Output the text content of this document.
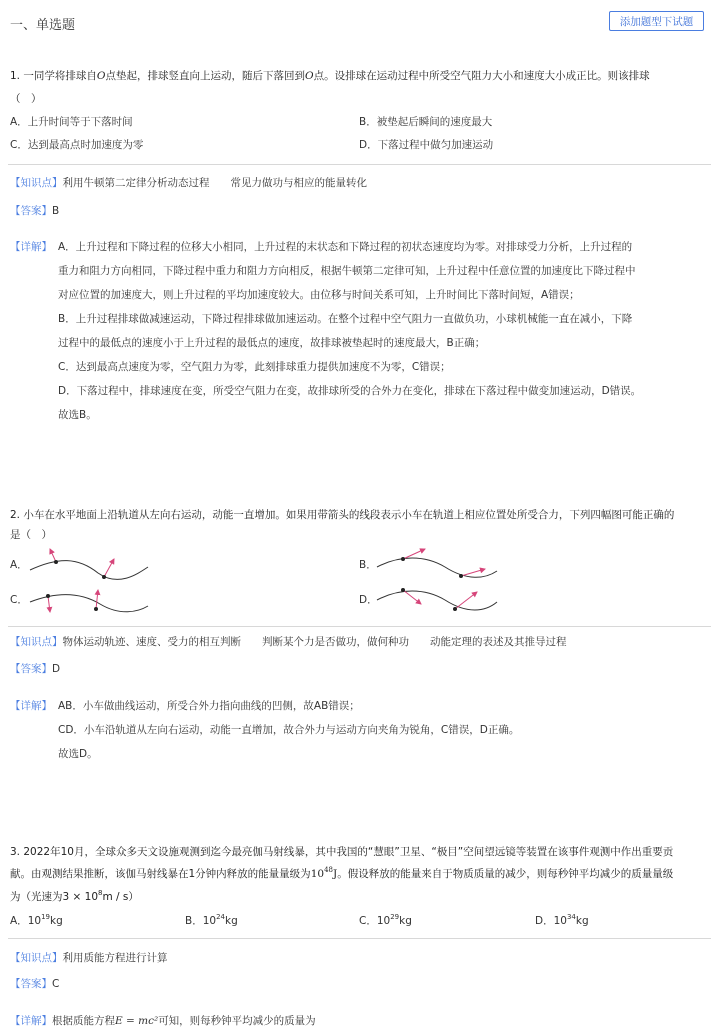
一、单选题	添加题型下试题
1. 一同学将排球自O点垫起，排球竖直向上运动，随后下落回到O点。设排球在运动过程中所受空气阻力大小和速度大小成正比。则该排球
（　）
A．上升时间等于下落时间	B．被垫起后瞬间的速度最大
C．达到最高点时加速度为零	D．下落过程中做匀加速运动
【知识点】利用牛顿第二定律分析动态过程　　常见力做功与相应的能量转化
【答案】B
【详解】 A．上升过程和下降过程的位移大小相同，上升过程的末状态和下降过程的初状态速度均为零。对排球受力分析，上升过程的
重力和阻力方向相同，下降过程中重力和阻力方向相反，根据牛顿第二定律可知，上升过程中任意位置的加速度比下降过程中
对应位置的加速度大，则上升过程的平均加速度较大。由位移与时间关系可知，上升时间比下落时间短，A错误；
B．上升过程排球做减速运动，下降过程排球做加速运动。在整个过程中空气阻力一直做负功，小球机械能一直在减小，下降
过程中的最低点的速度小于上升过程的最低点的速度，故排球被垫起时的速度最大，B正确；
C．达到最高点速度为零，空气阻力为零，此刻排球重力提供加速度不为零，C错误；
D．下落过程中，排球速度在变，所受空气阻力在变，故排球所受的合外力在变化，排球在下落过程中做变加速运动，D错误。
故选B。
2. 小车在水平地面上沿轨道从左向右运动，动能一直增加。如果用带箭头的线段表示小车在轨道上相应位置处所受合力，下列四幅图可能正确的
是（　）
A．	B．
C．	D．
【知识点】物体运动轨迹、速度、受力的相互判断　　判断某个力是否做功，做何种功　　动能定理的表述及其推导过程
【答案】D
【详解】 AB．小车做曲线运动，所受合外力指向曲线的凹侧，故AB错误；
CD．小车沿轨道从左向右运动，动能一直增加，故合外力与运动方向夹角为锐角，C错误，D正确。
故选D。
3. 2022年10月，全球众多天文设施观测到迄今最亮伽马射线暴，其中我国的“慧眼”卫星、“极目”空间望远镜等装置在该事件观测中作出重要贡
献。由观测结果推断，该伽马射线暴在1分钟内释放的能量量级为$10^{48}J$。假设释放的能量来自于物质质量的减少，则每秒钟平均减少的质量量级
为（光速为$3 \times 10^8m / s$）
A．$10^{19}kg$	B．$10^{24}kg$	C．$10^{29}kg$	D．$10^{34}kg$
【知识点】利用质能方程进行计算
【答案】C
【详解】根据质能方程E = mc²可知，则每秒钟平均减少的质量为
